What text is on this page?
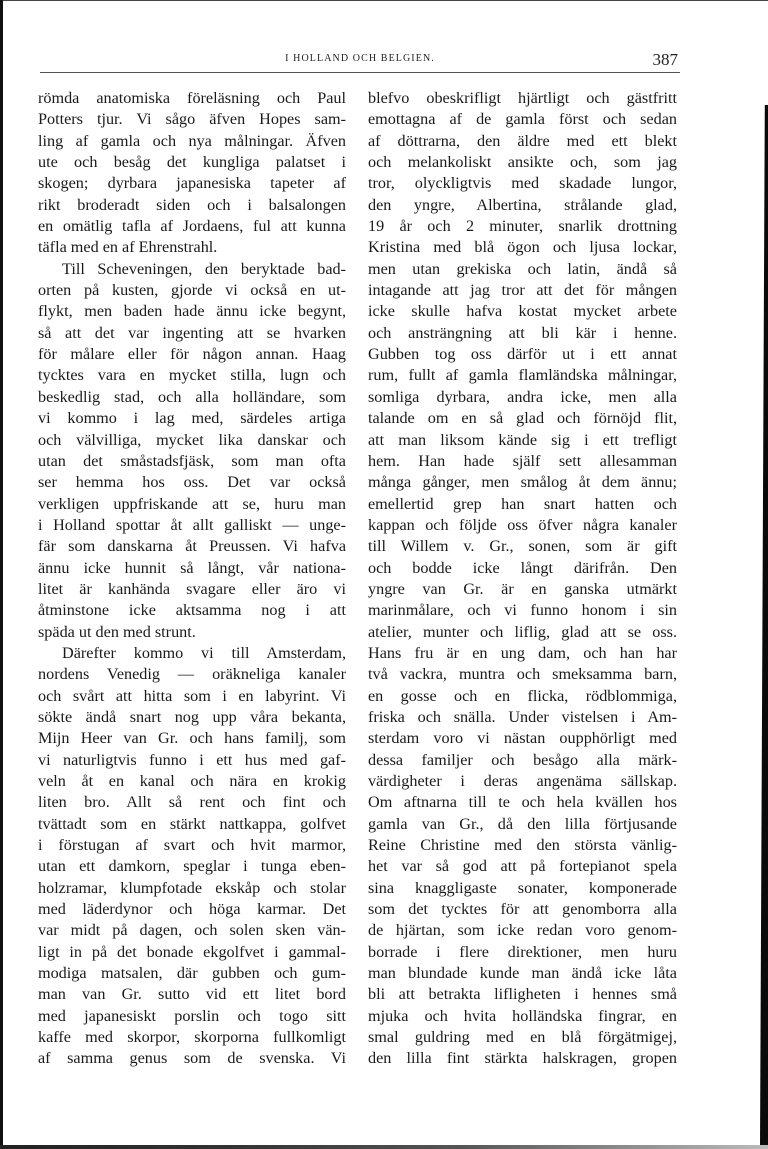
I HOLLAND OCH BELGIEN.	387
römda anatomiska föreläsning och Paul
Potters tjur. Vi sågo äfven Hopes sam-
ling af gamla och nya målningar. Äfven
ute och besåg det kungliga palatset i
skogen; dyrbara japanesiska tapeter af
rikt broderadt siden och i balsalongen
en omätlig tafla af Jordaens, ful att kunna
täfla med en af Ehrenstrahl.
Till Scheveningen, den beryktade bad-
orten på kusten, gjorde vi också en ut-
flykt, men baden hade ännu icke begynt,
så att det var ingenting att se hvarken
för målare eller för någon annan. Haag
tycktes vara en mycket stilla, lugn och
beskedlig stad, och alla holländare, som
vi kommo i lag med, särdeles artiga
och välvilliga, mycket lika danskar och
utan det småstadsfjäsk, som man ofta
ser hemma hos oss. Det var också
verkligen uppfriskande att se, huru man
i Holland spottar åt allt galliskt — unge-
fär som danskarna åt Preussen. Vi hafva
ännu icke hunnit så långt, vår nationa-
litet är kanhända svagare eller äro vi
åtminstone icke aktsamma nog i att
späda ut den med strunt.
Därefter kommo vi till Amsterdam,
nordens Venedig — oräkneliga kanaler
och svårt att hitta som i en labyrint. Vi
sökte ändå snart nog upp våra bekanta,
Mijn Heer van Gr. och hans familj, som
vi naturligtvis funno i ett hus med gaf-
veln åt en kanal och nära en krokig
liten bro. Allt så rent och fint och
tvättadt som en stärkt nattkappa, golfvet
i förstugan af svart och hvit marmor,
utan ett damkorn, speglar i tunga eben-
holzramar, klumpfotade ekskåp och stolar
med läderdynor och höga karmar. Det
var midt på dagen, och solen sken vän-
ligt in på det bonade ekgolfvet i gammal-
modiga matsalen, där gubben och gum-
man van Gr. sutto vid ett litet bord
med japanesiskt porslin och togo sitt
kaffe med skorpor, skorporna fullkomligt
af samma genus som de svenska. Vi
blefvo obeskrifligt hjärtligt och gästfritt
emottagna af de gamla först och sedan
af döttrarna, den äldre med ett blekt
och melankoliskt ansikte och, som jag
tror, olyckligtvis med skadade lungor,
den yngre, Albertina, strålande glad,
19 år och 2 minuter, snarlik drottning
Kristina med blå ögon och ljusa lockar,
men utan grekiska och latin, ändå så
intagande att jag tror att det för mången
icke skulle hafva kostat mycket arbete
och ansträngning att bli kär i henne.
Gubben tog oss därför ut i ett annat
rum, fullt af gamla flamländska målningar,
somliga dyrbara, andra icke, men alla
talande om en så glad och förnöjd flit,
att man liksom kände sig i ett trefligt
hem. Han hade själf sett allesamman
många gånger, men smålog åt dem ännu;
emellertid grep han snart hatten och
kappan och följde oss öfver några kanaler
till Willem v. Gr., sonen, som är gift
och bodde icke långt därifrån. Den
yngre van Gr. är en ganska utmärkt
marinmålare, och vi funno honom i sin
atelier, munter och liflig, glad att se oss.
Hans fru är en ung dam, och han har
två vackra, muntra och smeksamma barn,
en gosse och en flicka, rödblommiga,
friska och snälla. Under vistelsen i Am-
sterdam voro vi nästan oupphörligt med
dessa familjer och besågo alla märk-
värdigheter i deras angenäma sällskap.
Om aftnarna till te och hela kvällen hos
gamla van Gr., då den lilla förtjusande
Reine Christine med den största vänlig-
het var så god att på fortepianot spela
sina knaggligaste sonater, komponerade
som det tycktes för att genomborra alla
de hjärtan, som icke redan voro genom-
borrade i flere direktioner, men huru
man blundade kunde man ändå icke låta
bli att betrakta lifligheten i hennes små
mjuka och hvita holländska fingrar, en
smal guldring med en blå förgätmigej,
den lilla fint stärkta halskragen, gropen
